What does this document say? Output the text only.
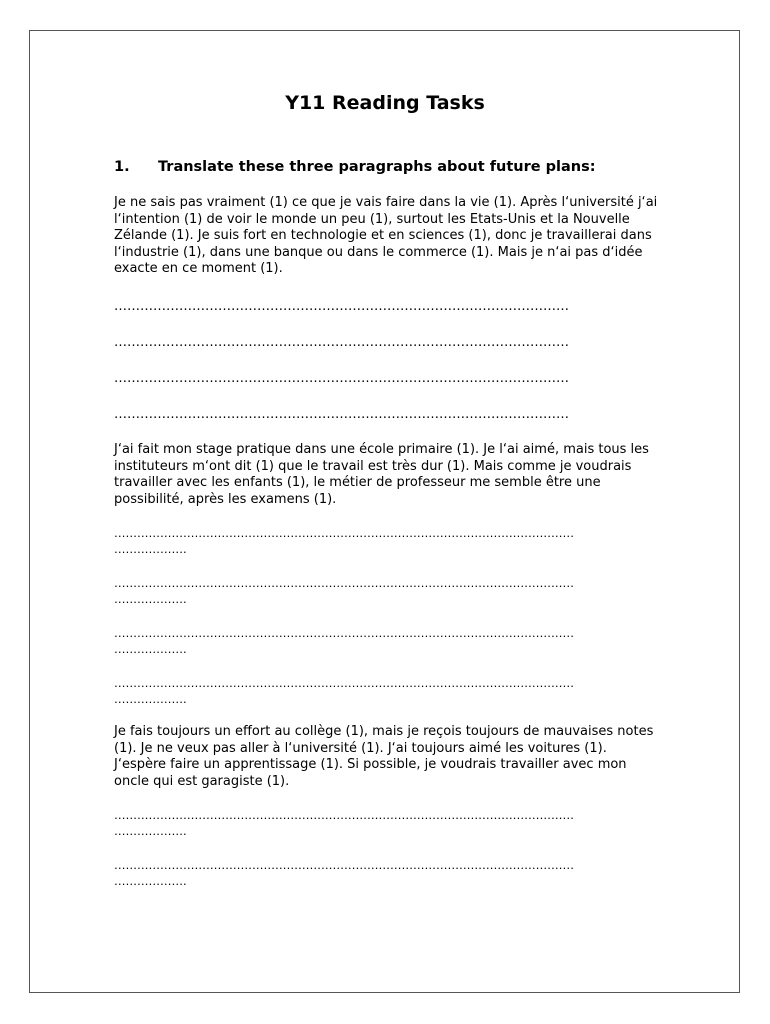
Y11 Reading Tasks

1. Translate these three paragraphs about future plans:

Je ne sais pas vraiment (1) ce que je vais faire dans la vie (1). Après l‘université j‘ai l‘intention (1) de voir le monde un peu (1), surtout les Etats-Unis et la Nouvelle Zélande (1). Je suis fort en technologie et en sciences (1), donc je travaillerai dans l‘industrie (1), dans une banque ou dans le commerce (1). Mais je n‘ai pas d‘idée exacte en ce moment (1).

……………………………………………………………………………………………
……………………………………………………………………………………………
……………………………………………………………………………………………
……………………………………………………………………………………………

J‘ai fait mon stage pratique dans une école primaire (1). Je l‘ai aimé, mais tous les instituteurs m‘ont dit (1) que le travail est très dur (1). Mais comme je voudrais travailler avec les enfants (1), le métier de professeur me semble être une possibilité, après les examens (1).

…………………………………………………………………………………………………………
……………….
…………………………………………………………………………………………………………
……………….
…………………………………………………………………………………………………………
……………….
…………………………………………………………………………………………………………
……………….

Je fais toujours un effort au collège (1), mais je reçois toujours de mauvaises notes (1). Je ne veux pas aller à l‘université (1). J‘ai toujours aimé les voitures (1). J‘espère faire un apprentissage (1). Si possible, je voudrais travailler avec mon oncle qui est garagiste (1).

…………………………………………………………………………………………………………
……………….
…………………………………………………………………………………………………………
……………….
